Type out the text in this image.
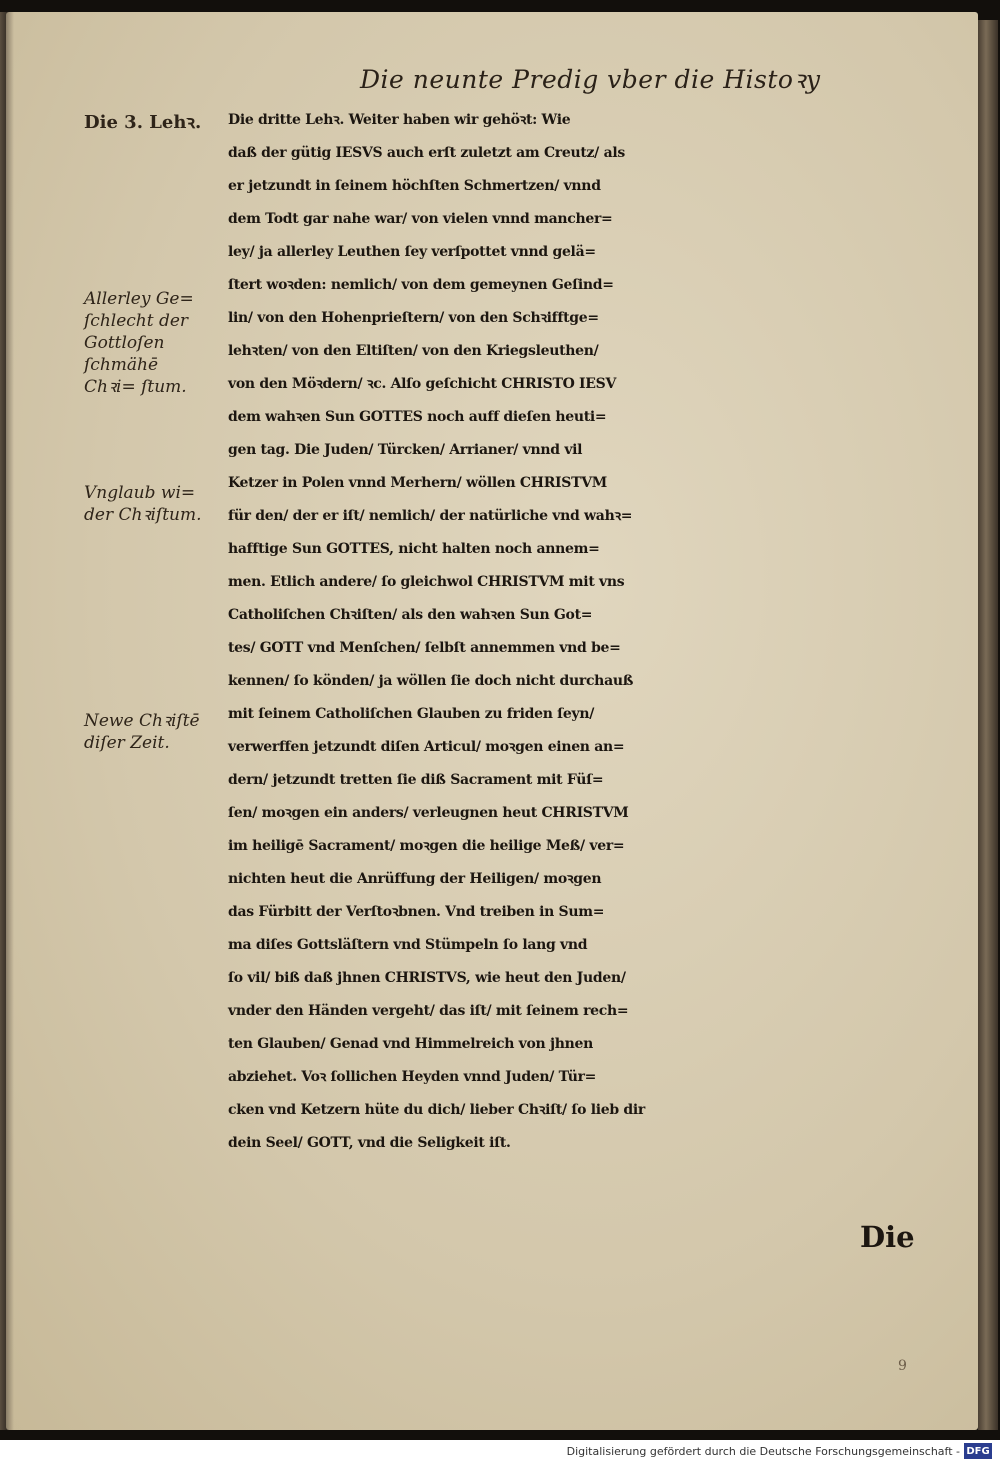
Die neunte Predig vber die Histoꝛy
Die 3. Lehꝛ.
Allerley Ge= ſchlecht der Gottloſen ſchmähē Chꝛi= ſtum.
Vnglaub wi= der Chꝛiſtum.
Newe Chꝛiſtē diſer Zeit.
Die dritte Lehꝛ. Weiter haben wir gehöꝛt: Wie
daß der gütig IESVS auch erſt zuletzt am Creutz/ als
er jetzundt in ſeinem höchſten Schmertzen/ vnnd
dem Todt gar nahe war/ von vielen vnnd mancher=
ley/ ja allerley Leuthen ſey verſpottet vnnd gelä=
ſtert woꝛden: nemlich/ von dem gemeynen Geſind=
lin/ von den Hohenprieſtern/ von den Schꝛifftge=
lehꝛten/ von den Eltiſten/ von den Kriegsleuthen/
von den Möꝛdern/ ꝛc. Alſo geſchicht CHRISTO IESV
dem wahꝛen Sun GOTTES noch auff dieſen heuti=
gen tag. Die Juden/ Türcken/ Arrianer/ vnnd vil
Ketzer in Polen vnnd Merhern/ wöllen CHRISTVM
für den/ der er iſt/ nemlich/ der natürliche vnd wahꝛ=
hafftige Sun GOTTES, nicht halten noch annem=
men. Etlich andere/ ſo gleichwol CHRISTVM mit vns
Catholiſchen Chꝛiſten/ als den wahꝛen Sun Got=
tes/ GOTT vnd Menſchen/ ſelbſt annemmen vnd be=
kennen/ ſo könden/ ja wöllen ſie doch nicht durchauß
mit ſeinem Catholiſchen Glauben zu friden ſeyn/
verwerffen jetzundt diſen Articul/ moꝛgen einen an=
dern/ jetzundt tretten ſie diß Sacrament mit Füſ=
ſen/ moꝛgen ein anders/ verleugnen heut CHRISTVM
im heiligē Sacrament/ moꝛgen die heilige Meß/ ver=
nichten heut die Anrüffung der Heiligen/ moꝛgen
das Fürbitt der Verſtoꝛbnen. Vnd treiben in Sum=
ma diſes Gottsläſtern vnd Stümpeln ſo lang vnd
ſo vil/ biß daß jhnen CHRISTVS, wie heut den Juden/
vnder den Händen vergeht/ das iſt/ mit ſeinem rech=
ten Glauben/ Genad vnd Himmelreich von jhnen
abziehet. Voꝛ ſollichen Heyden vnnd Juden/ Tür=
cken vnd Ketzern hüte du dich/ lieber Chꝛiſt/ ſo lieb dir
dein Seel/ GOTT, vnd die Seligkeit iſt.
Die
9
Digitalisierung gefördert durch die Deutsche Forschungsgemeinschaft - DFG
